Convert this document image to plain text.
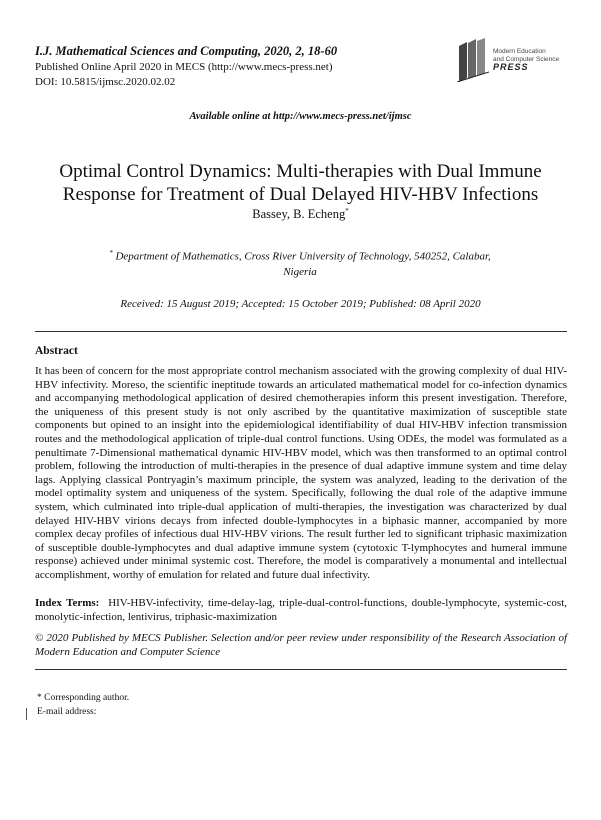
I.J. Mathematical Sciences and Computing, 2020, 2, 18-60
Published Online April 2020 in MECS (http://www.mecs-press.net)
DOI: 10.5815/ijmsc.2020.02.02
Modern Education
and Computer Science
PRESS
Available online at http://www.mecs-press.net/ijmsc
Optimal Control Dynamics: Multi-therapies with Dual Immune
Response for Treatment of Dual Delayed HIV-HBV Infections
Bassey, B. Echeng*
* Department of Mathematics, Cross River University of Technology, 540252, Calabar,
Nigeria
Received: 15 August 2019; Accepted: 15 October 2019; Published: 08 April 2020
Abstract
It has been of concern for the most appropriate control mechanism associated with the growing complexity of dual HIV-HBV infectivity. Moreso, the scientific ineptitude towards an articulated mathematical model for co-infection dynamics and accompanying methodological application of desired chemotherapies inform this present investigation. Therefore, the uniqueness of this present study is not only ascribed by the quantitative maximization of susceptible state components but opined to an insight into the epidemiological identifiability of dual HIV-HBV infection transmission routes and the methodological application of triple-dual control functions. Using ODEs, the model was formulated as a penultimate 7-Dimensional mathematical dynamic HIV-HBV model, which was then transformed to an optimal control problem, following the introduction of multi-therapies in the presence of dual adaptive immune system and time delay lags. Applying classical Pontryagin’s maximum principle, the system was analyzed, leading to the derivation of the model optimality system and uniqueness of the system. Specifically, following the dual role of the adaptive immune system, which culminated into triple-dual application of multi-therapies, the investigation was characterized by dual delayed HIV-HBV virions decays from infected double-lymphocytes in a biphasic manner, accompanied by more complex decay profiles of infectious dual HIV-HBV virions. The result further led to significant triphasic maximization of susceptible double-lymphocytes and dual adaptive immune system (cytotoxic T-lymphocytes and humeral immune response) achieved under minimal systemic cost. Therefore, the model is comparatively a monumental and intellectual accomplishment, worthy of emulation for related and future dual infectivity.
Index Terms: HIV-HBV-infectivity, time-delay-lag, triple-dual-control-functions, double-lymphocyte, systemic-cost, monolytic-infection, lentivirus, triphasic-maximization
© 2020 Published by MECS Publisher. Selection and/or peer review under responsibility of the Research Association of Modern Education and Computer Science
* Corresponding author.
E-mail address:
